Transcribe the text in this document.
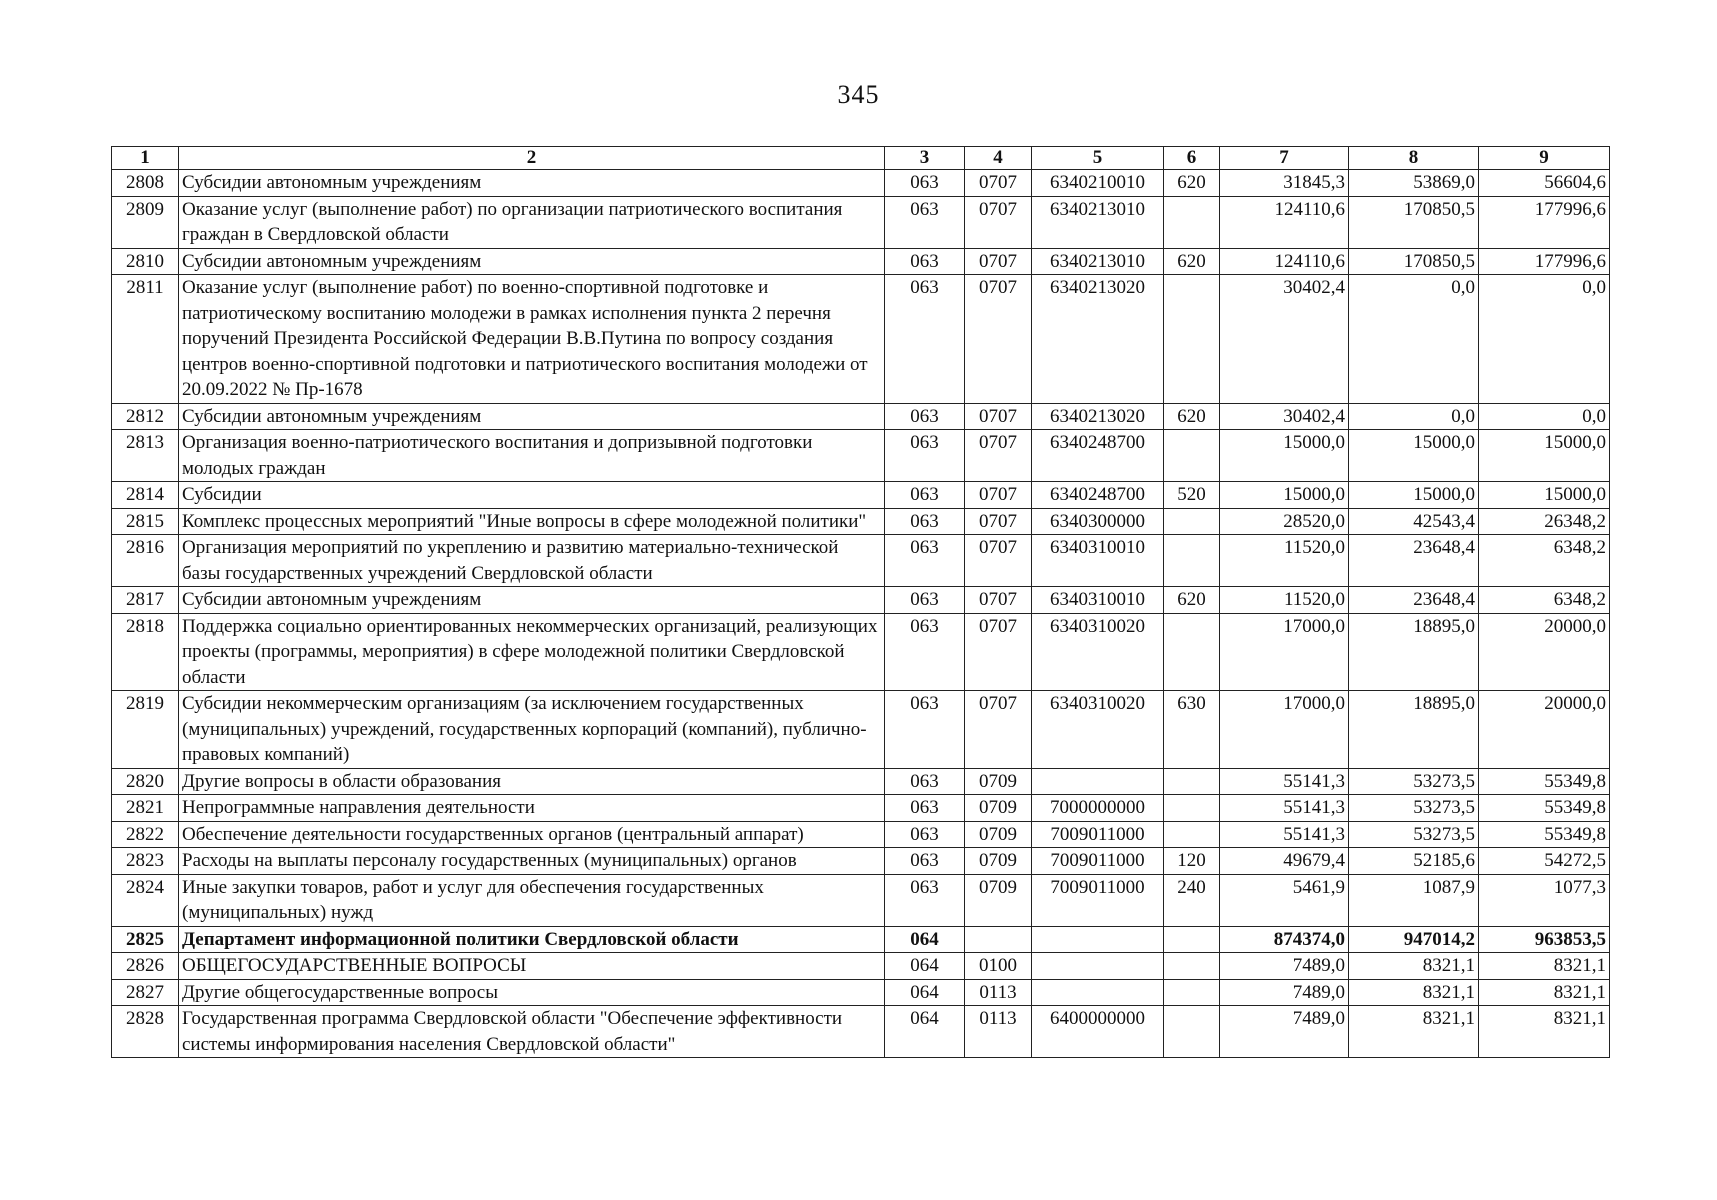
345
1	2	3	4	5	6	7	8	9
2808	Субсидии автономным учреждениям	063	0707	6340210010	620	31845,3	53869,0	56604,6
2809	Оказание услуг (выполнение работ) по организации патриотического воспитания граждан в Свердловской области	063	0707	6340213010		124110,6	170850,5	177996,6
2810	Субсидии автономным учреждениям	063	0707	6340213010	620	124110,6	170850,5	177996,6
2811	Оказание услуг (выполнение работ) по военно-спортивной подготовке и патриотическому воспитанию молодежи в рамках исполнения пункта 2 перечня поручений Президента Российской Федерации В.В.Путина по вопросу создания центров военно-спортивной подготовки и патриотического воспитания молодежи от 20.09.2022 № Пр-1678	063	0707	6340213020		30402,4	0,0	0,0
2812	Субсидии автономным учреждениям	063	0707	6340213020	620	30402,4	0,0	0,0
2813	Организация военно-патриотического воспитания и допризывной подготовки молодых граждан	063	0707	6340248700		15000,0	15000,0	15000,0
2814	Субсидии	063	0707	6340248700	520	15000,0	15000,0	15000,0
2815	Комплекс процессных мероприятий "Иные вопросы в сфере молодежной политики"	063	0707	6340300000		28520,0	42543,4	26348,2
2816	Организация мероприятий по укреплению и развитию материально-технической базы государственных учреждений Свердловской области	063	0707	6340310010		11520,0	23648,4	6348,2
2817	Субсидии автономным учреждениям	063	0707	6340310010	620	11520,0	23648,4	6348,2
2818	Поддержка социально ориентированных некоммерческих организаций, реализующих проекты (программы, мероприятия) в сфере молодежной политики Свердловской области	063	0707	6340310020		17000,0	18895,0	20000,0
2819	Субсидии некоммерческим организациям (за исключением государственных (муниципальных) учреждений, государственных корпораций (компаний), публично-правовых компаний)	063	0707	6340310020	630	17000,0	18895,0	20000,0
2820	Другие вопросы в области образования	063	0709			55141,3	53273,5	55349,8
2821	Непрограммные направления деятельности	063	0709	7000000000		55141,3	53273,5	55349,8
2822	Обеспечение деятельности государственных органов (центральный аппарат)	063	0709	7009011000		55141,3	53273,5	55349,8
2823	Расходы на выплаты персоналу государственных (муниципальных) органов	063	0709	7009011000	120	49679,4	52185,6	54272,5
2824	Иные закупки товаров, работ и услуг для обеспечения государственных (муниципальных) нужд	063	0709	7009011000	240	5461,9	1087,9	1077,3
2825	Департамент информационной политики Свердловской области	064				874374,0	947014,2	963853,5
2826	ОБЩЕГОСУДАРСТВЕННЫЕ ВОПРОСЫ	064	0100			7489,0	8321,1	8321,1
2827	Другие общегосударственные вопросы	064	0113			7489,0	8321,1	8321,1
2828	Государственная программа Свердловской области "Обеспечение эффективности системы информирования населения Свердловской области"	064	0113	6400000000		7489,0	8321,1	8321,1
